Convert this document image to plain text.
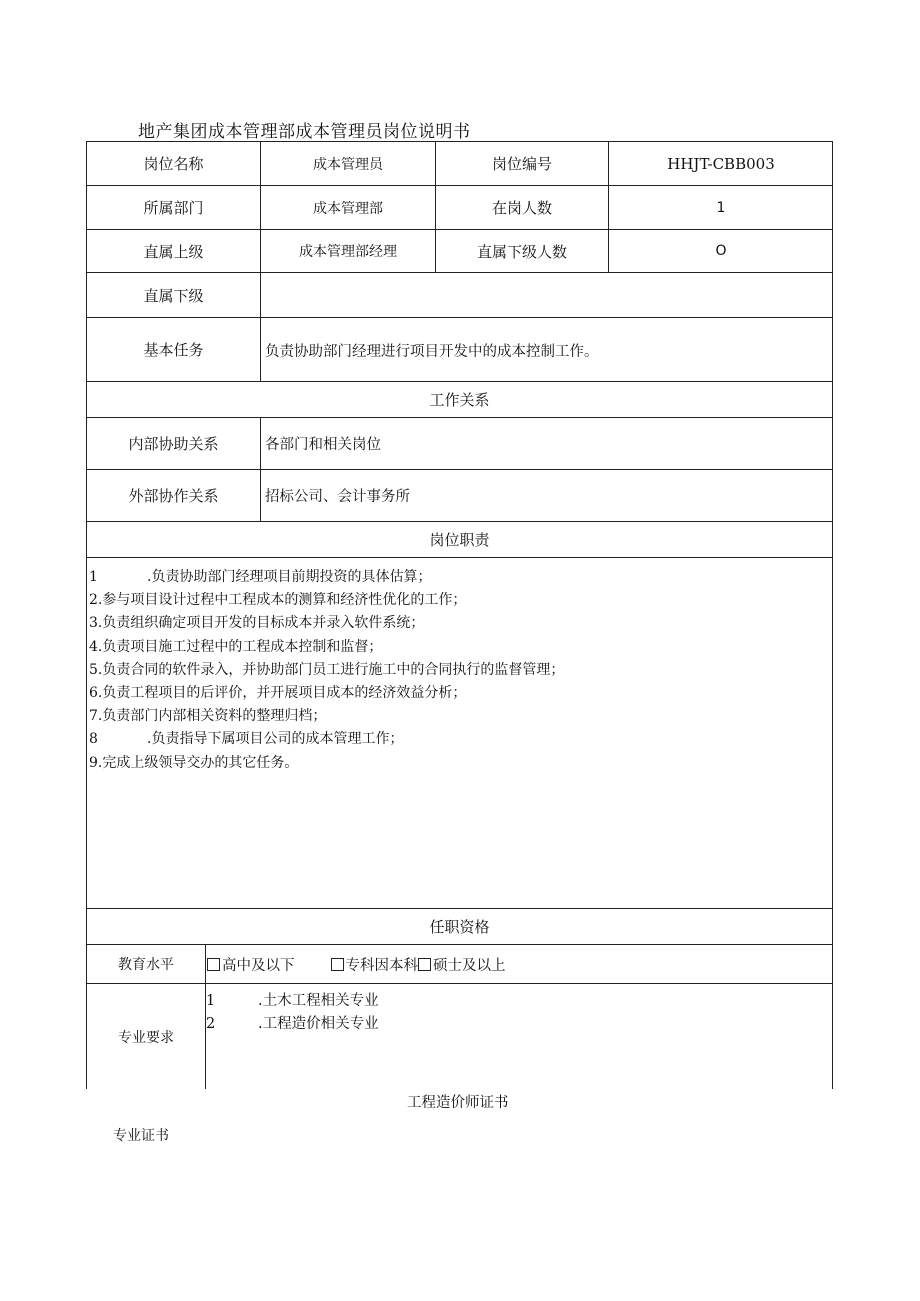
地产集团成本管理部成本管理员岗位说明书
岗位名称	成本管理员	岗位编号	HHJT-CBB003
所属部门	成本管理部	在岗人数	1
直属上级	成本管理部经理	直属下级人数	O
直属下级
基本任务	负责协助部门经理进行项目开发中的成本控制工作。
工作关系
内部协助关系	各部门和相关岗位
外部协作关系	招标公司、会计事务所
岗位职责
1	.负责协助部门经理项目前期投资的具体估算；
2.参与项目设计过程中工程成本的测算和经济性优化的工作；
3.负责组织确定项目开发的目标成本并录入软件系统；
4.负责项目施工过程中的工程成本控制和监督；
5.负责合同的软件录入，并协助部门员工进行施工中的合同执行的监督管理；
6.负责工程项目的后评价，并开展项目成本的经济效益分析；
7.负责部门内部相关资料的整理归档；
8	.负责指导下属项目公司的成本管理工作；
9.完成上级领导交办的其它任务。
任职资格
教育水平	高中及以下	专科因本科 硕士及以上
专业要求
1	.土木工程相关专业
2	.工程造价相关专业
工程造价师证书
专业证书
